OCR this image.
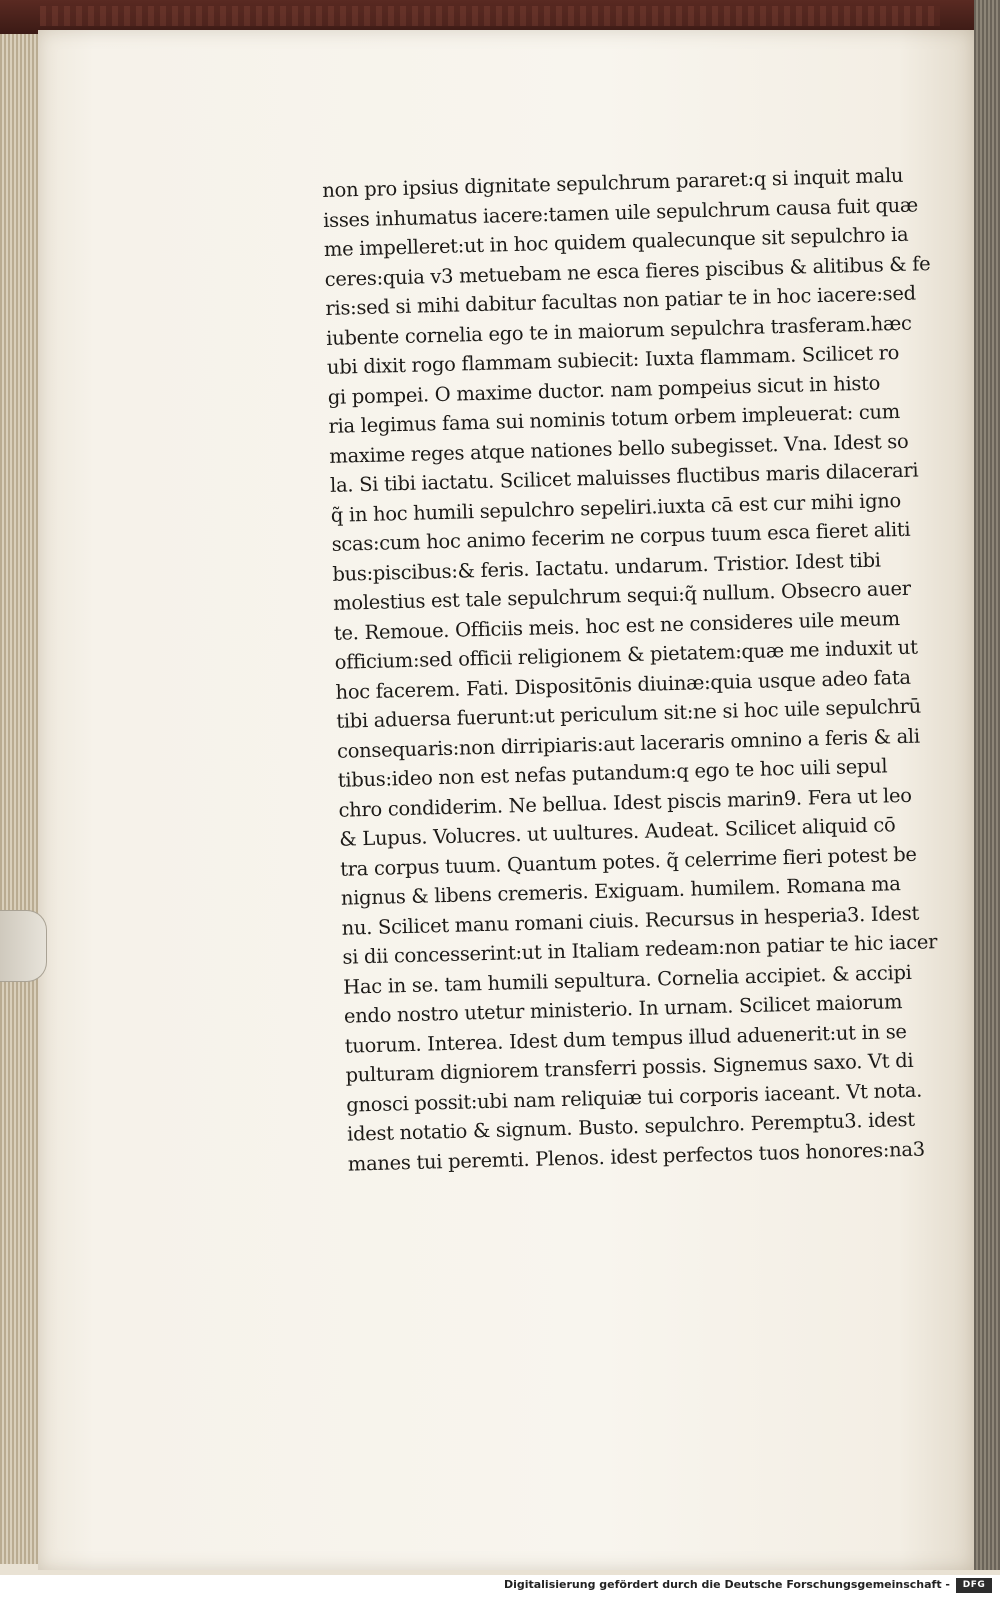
non pro ipsius dignitate sepulchrum pararet:q si inquit malu
isses inhumatus iacere:tamen uile sepulchrum causa fuit quæ
me impelleret:ut in hoc quidem qualecunque sit sepulchro ia
ceres:quia v3 metuebam ne esca fieres piscibus & alitibus & fe
ris:sed si mihi dabitur facultas non patiar te in hoc iacere:sed
iubente cornelia ego te in maiorum sepulchra trasferam.hæc
ubi dixit rogo flammam subiecit: Iuxta flammam. Scilicet ro
gi pompei. O maxime ductor. nam pompeius sicut in histo
ria legimus fama sui nominis totum orbem impleuerat: cum
maxime reges atque nationes bello subegisset. Vna. Idest so
la. Si tibi iactatu. Scilicet maluisses fluctibus maris dilacerari
q̃ in hoc humili sepulchro sepeliri.iuxta cā est cur mihi igno
scas:cum hoc animo fecerim ne corpus tuum esca fieret aliti
bus:piscibus:& feris. Iactatu. undarum. Tristior. Idest tibi
molestius est tale sepulchrum sequi:q̃ nullum. Obsecro auer
te. Remoue. Officiis meis. hoc est ne consideres uile meum
officium:sed officii religionem & pietatem:quæ me induxit ut
hoc facerem. Fati. Dispositōnis diuinæ:quia usque adeo fata
tibi aduersa fuerunt:ut periculum sit:ne si hoc uile sepulchrū
consequaris:non dirripiaris:aut laceraris omnino a feris & ali
tibus:ideo non est nefas putandum:q ego te hoc uili sepul
chro condiderim. Ne bellua. Idest piscis marin9. Fera ut leo
& Lupus. Volucres. ut uultures. Audeat. Scilicet aliquid cō
tra corpus tuum. Quantum potes. q̃ celerrime fieri potest be
nignus & libens cremeris. Exiguam. humilem. Romana ma
nu. Scilicet manu romani ciuis. Recursus in hesperia3. Idest
si dii concesserint:ut in Italiam redeam:non patiar te hic iacer
Hac in se. tam humili sepultura. Cornelia accipiet. & accipi
endo nostro utetur ministerio. In urnam. Scilicet maiorum
tuorum. Interea. Idest dum tempus illud aduenerit:ut in se
pulturam digniorem transferri possis. Signemus saxo. Vt di
gnosci possit:ubi nam reliquiæ tui corporis iaceant. Vt nota.
idest notatio & signum. Busto. sepulchro. Peremptu3. idest
manes tui peremti. Plenos. idest perfectos tuos honores:na3
Digitalisierung gefördert durch die Deutsche Forschungsgemeinschaft -	DFG
